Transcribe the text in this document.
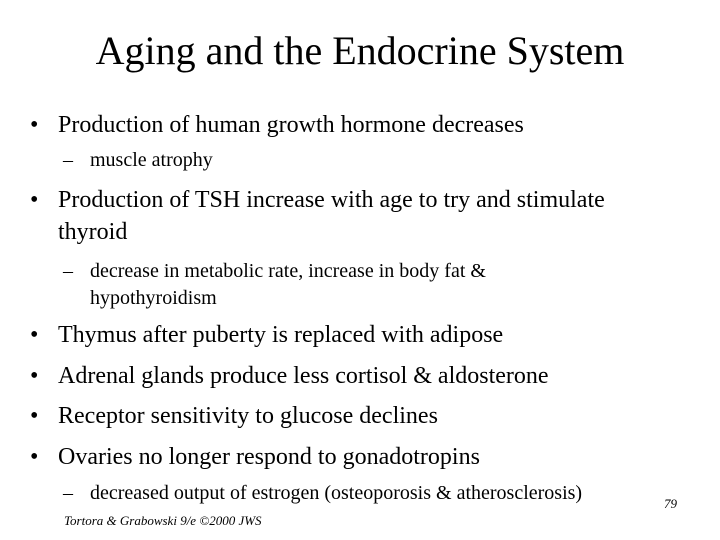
Aging and the Endocrine System
• Production of human growth hormone decreases
– muscle atrophy
• Production of TSH increase with age to try and stimulate
thyroid
– decrease in metabolic rate, increase in body fat &
hypothyroidism
• Thymus after puberty is replaced with adipose
• Adrenal glands produce less cortisol & aldosterone
• Receptor sensitivity to glucose declines
• Ovaries no longer respond to gonadotropins
– decreased output of estrogen (osteoporosis & atherosclerosis)	79
Tortora & Grabowski 9/e ©2000 JWS
